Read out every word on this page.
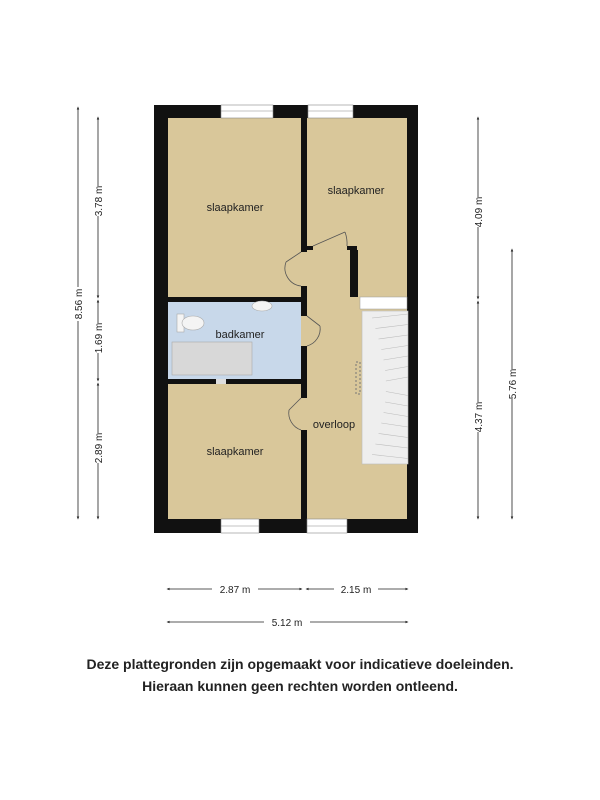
slaapkamer
slaapkamer
badkamer
slaapkamer
overloop
8.56 m
3.78 m
1.69 m
2.89 m
4.09 m
4.37 m
5.76 m
2.87 m	2.15 m
5.12 m
Deze plattegronden zijn opgemaakt voor indicatieve doeleinden.
Hieraan kunnen geen rechten worden ontleend.
